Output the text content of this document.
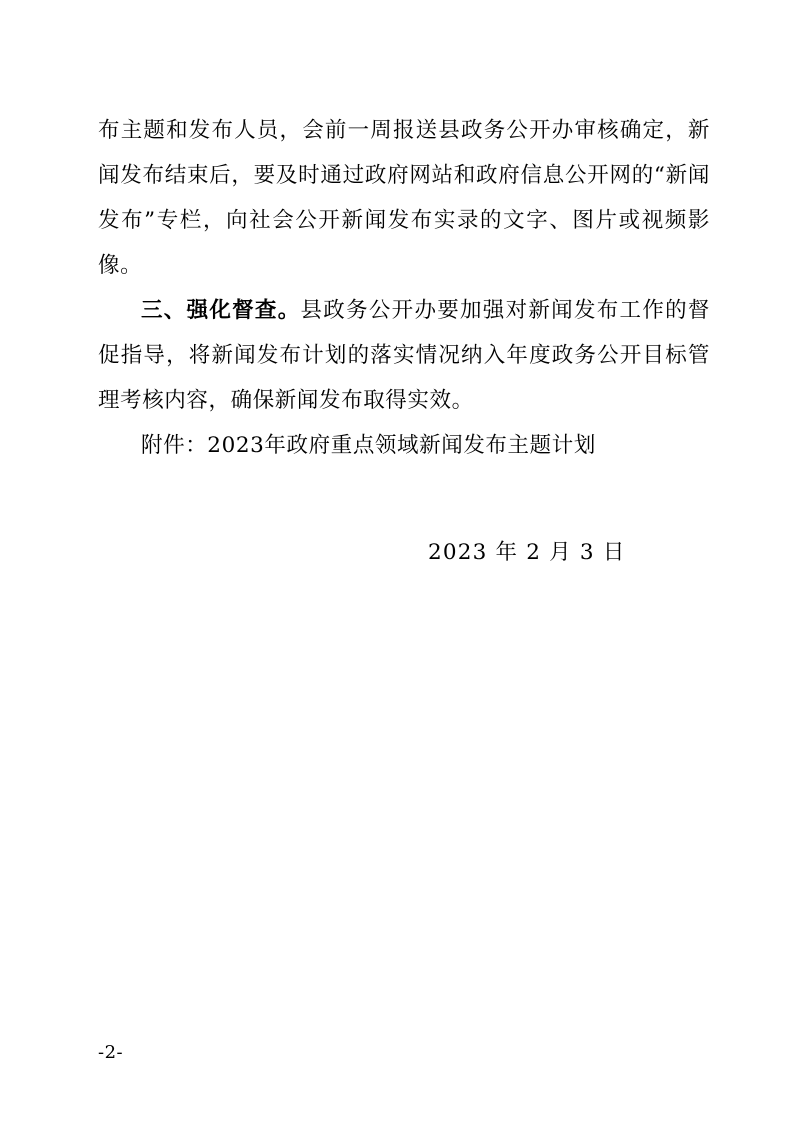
布主题和发布人员，会前一周报送县政务公开办审核确定，新闻发布结束后，要及时通过政府网站和政府信息公开网的“新闻发布”专栏，向社会公开新闻发布实录的文字、图片或视频影像。

三、强化督查。县政务公开办要加强对新闻发布工作的督促指导，将新闻发布计划的落实情况纳入年度政务公开目标管理考核内容，确保新闻发布取得实效。

附件：2023年政府重点领域新闻发布主题计划

2023 年 2 月 3 日
-2-
